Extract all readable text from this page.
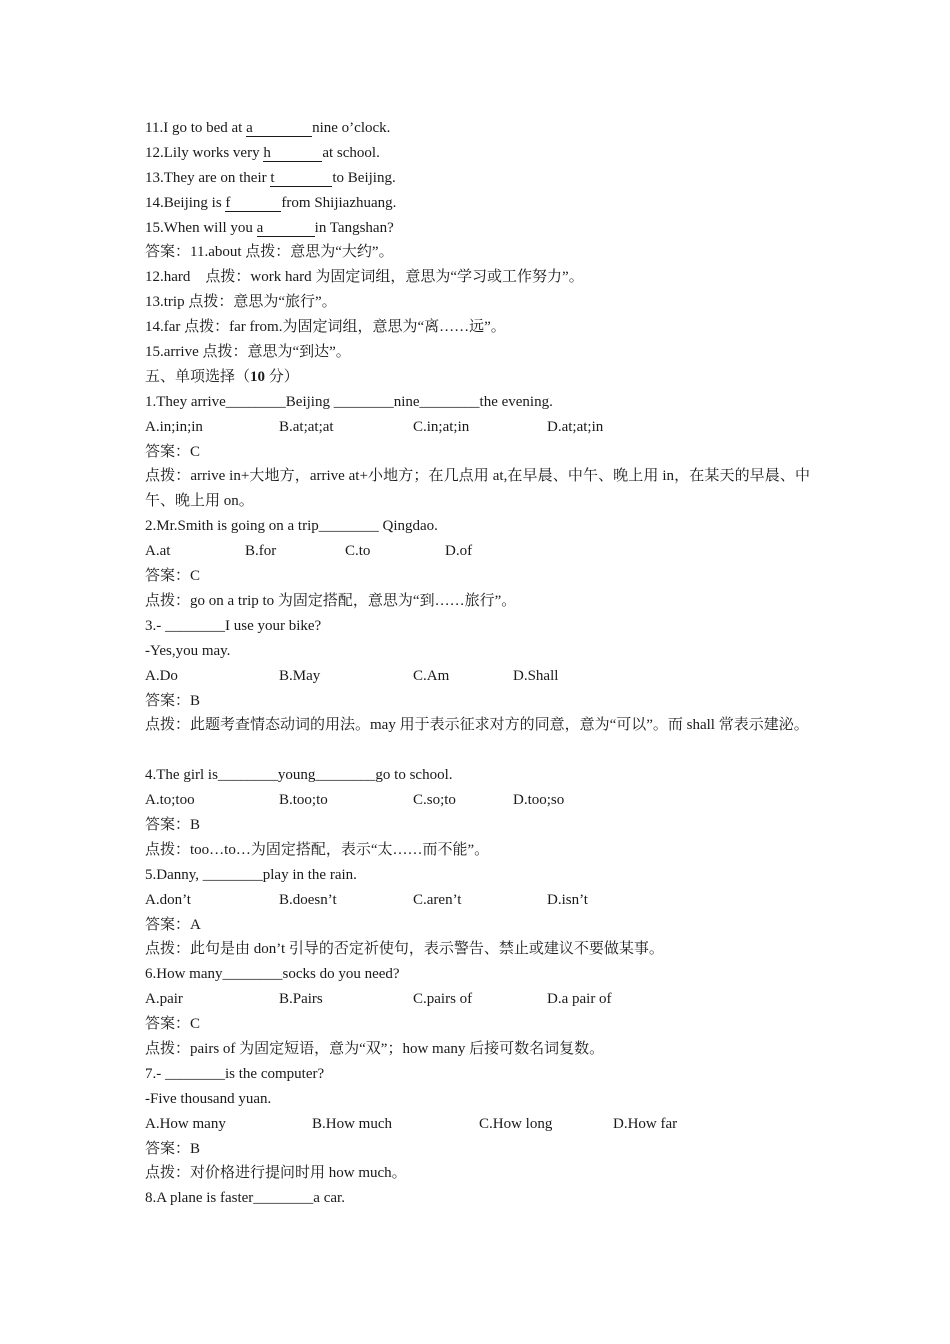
11.I go to bed at a	nine o’clock.
12.Lily works very h	at school.
13.They are on their t	to Beijing.
14.Beijing is f	from Shijiazhuang.
15.When will you a	in Tangshan?
答案：11.about 点拨：意思为“大约”。
12.hard　点拨：work hard 为固定词组，意思为“学习或工作努力”。
13.trip 点拨：意思为“旅行”。
14.far 点拨：far from.为固定词组，意思为“离……远”。
15.arrive 点拨：意思为“到达”。
五、单项选择（10 分）
1.They arrive________Beijing ________nine________the evening.
A.in;in;in	B.at;at;at	C.in;at;in	D.at;at;in
答案：C
点拨：arrive in+大地方，arrive at+小地方；在几点用 at,在早晨、中午、晚上用 in，在某天的早晨、中午、晚上用 on。
2.Mr.Smith is going on a trip________ Qingdao.
A.at	B.for	C.to	D.of
答案：C
点拨：go on a trip to 为固定搭配，意思为“到……旅行”。
3.- ________I use your bike?
-Yes,you may.
A.Do	B.May	C.Am	D.Shall
答案：B
点拨：此题考查情态动词的用法。may 用于表示征求对方的同意，意为“可以”。而 shall 常表示建泌。
4.The girl is________young________go to school.
A.to;too	B.too;to	C.so;to	D.too;so
答案：B
点拨：too…to…为固定搭配，表示“太……而不能”。
5.Danny, ________play in the rain.
A.don’t	B.doesn’t	C.aren’t	D.isn’t
答案：A
点拨：此句是由 don’t 引导的否定祈使句，表示警告、禁止或建议不要做某事。
6.How many________socks do you need?
A.pair	B.Pairs	C.pairs of	D.a pair of
答案：C
点拨：pairs of 为固定短语，意为“双”；how many 后接可数名词复数。
7.- ________is the computer?
-Five thousand yuan.
A.How many	B.How much	C.How long	D.How far
答案：B
点拨：对价格进行提问时用 how much。
8.A plane is faster________a car.
